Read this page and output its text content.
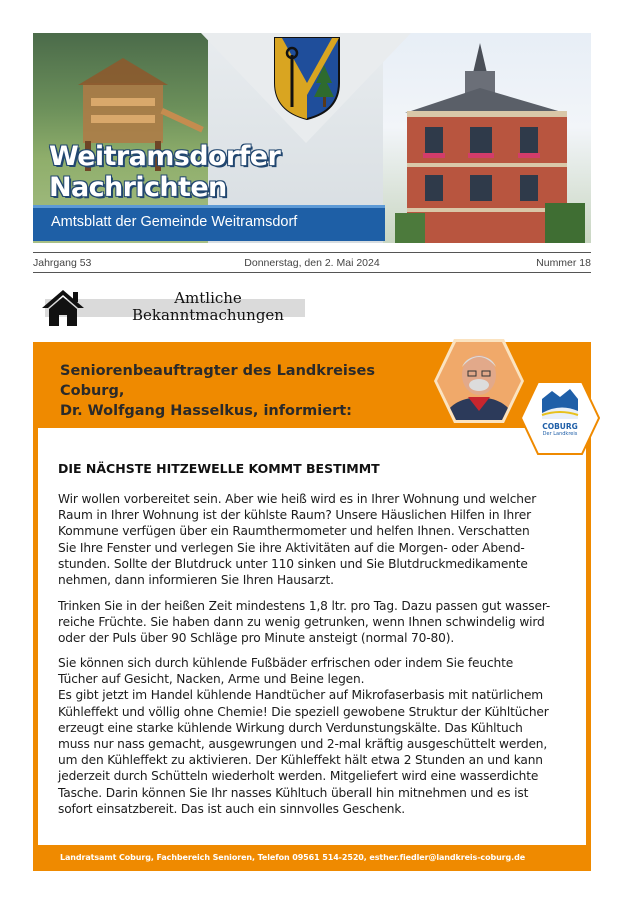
Weitramsdorfer
Nachrichten
Amtsblatt der Gemeinde Weitramsdorf
Jahrgang 53	Donnerstag, den 2. Mai 2024	Nummer 18
Amtliche
Bekanntmachungen
Seniorenbeauftragter des Landkreises Coburg,
Dr. Wolfgang Hasselkus, informiert:
COBURG
Der Landkreis
DIE NÄCHSTE HITZEWELLE KOMMT BESTIMMT
Wir wollen vorbereitet sein. Aber wie heiß wird es in Ihrer Wohnung und welcher
Raum in Ihrer Wohnung ist der kühlste Raum? Unsere Häuslichen Hilfen in Ihrer
Kommune verfügen über ein Raumthermometer und helfen Ihnen. Verschatten
Sie Ihre Fenster und verlegen Sie ihre Aktivitäten auf die Morgen- oder Abend-
stunden. Sollte der Blutdruck unter 110 sinken und Sie Blutdruckmedikamente
nehmen, dann informieren Sie Ihren Hausarzt.
Trinken Sie in der heißen Zeit mindestens 1,8 ltr. pro Tag. Dazu passen gut wasser-
reiche Früchte. Sie haben dann zu wenig getrunken, wenn Ihnen schwindelig wird
oder der Puls über 90 Schläge pro Minute ansteigt (normal 70-80).
Sie können sich durch kühlende Fußbäder erfrischen oder indem Sie feuchte
Tücher auf Gesicht, Nacken, Arme und Beine legen.
Es gibt jetzt im Handel kühlende Handtücher auf Mikrofaserbasis mit natürlichem
Kühleffekt und völlig ohne Chemie! Die speziell gewobene Struktur der Kühltücher
erzeugt eine starke kühlende Wirkung durch Verdunstungskälte. Das Kühltuch
muss nur nass gemacht, ausgewrungen und 2-mal kräftig ausgeschüttelt werden,
um den Kühleffekt zu aktivieren. Der Kühleffekt hält etwa 2 Stunden an und kann
jederzeit durch Schütteln wiederholt werden. Mitgeliefert wird eine wasserdichte
Tasche. Darin können Sie Ihr nasses Kühltuch überall hin mitnehmen und es ist
sofort einsatzbereit. Das ist auch ein sinnvolles Geschenk.
Landratsamt Coburg, Fachbereich Senioren, Telefon 09561 514-2520, esther.fiedler@landkreis-coburg.de
